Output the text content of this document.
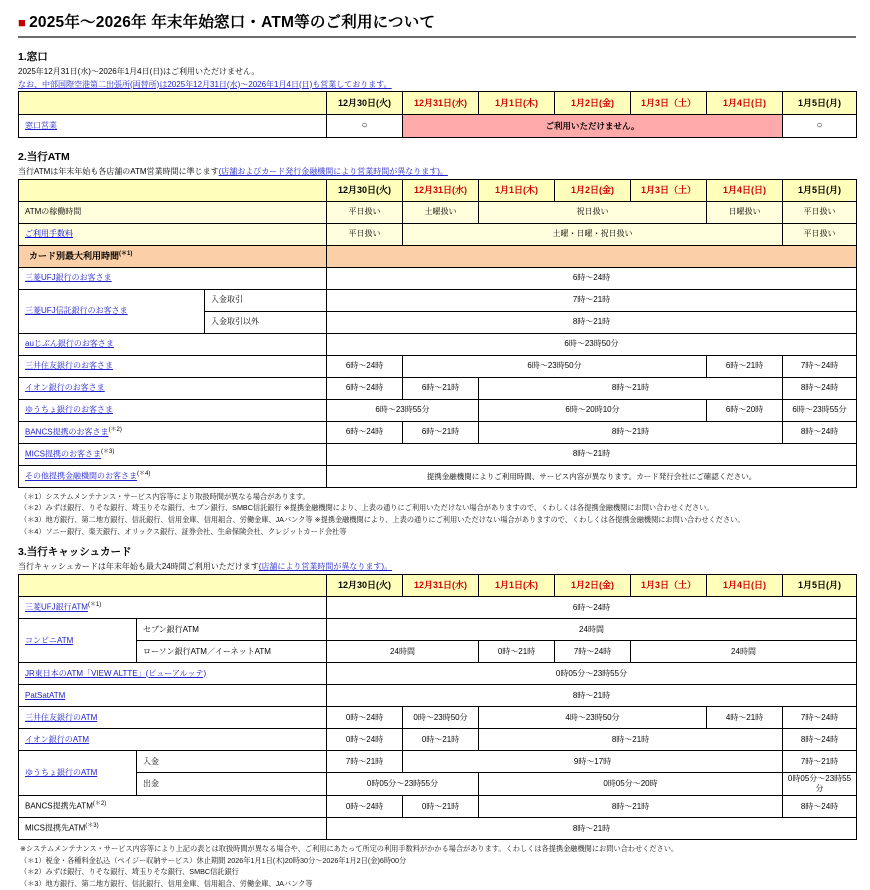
■ 2025年～2026年 年末年始窓口・ATM等のご利用について
1.窓口
2025年12月31日(水)～2026年1月4日(日)はご利用いただけません。
なお、中部国際空港第二出張所(両替所)は2025年12月31日(水)～2026年1月4日(日)も営業しております。
	12月30日(火)	12月31日(水)	1月1日(木)	1月2日(金)	1月3日（土）	1月4日(日)	1月5日(月)
窓口営業	○	ご利用いただけません。					○
2.当行ATM
当行ATMは年末年始も各店舗のATM営業時間に準じます(店舗およびカード発行金融機関により営業時間が異なります)。
		12月30日(火)	12月31日(水)	1月1日(木)	1月2日(金)	1月3日（土）	1月4日(日)	1月5日(月)
ATMの稼働時間		平日扱い	土曜扱い	祝日扱い			日曜扱い	平日扱い
ご利用手数料		平日扱い	土曜・日曜・祝日扱い					平日扱い
カード別最大利用時間$^{(*1)}$	
三菱UFJ銀行のお客さま		6時～24時						
三菱UFJ信託銀行のお客さま	入金取引	7時～21時						
	入金取引以外	8時～21時						
auじぶん銀行のお客さま		6時～23時50分						
三井住友銀行のお客さま		6時～24時	6時～23時50分				6時～21時	7時～24時
イオン銀行のお客さま		6時～24時	6時～21時	8時～21時				8時～24時
ゆうちょ銀行のお客さま		6時～23時55分		6時～20時10分			6時～20時	6時～23時55分
BANCS提携のお客さま$^{(*2)}$		6時～24時	6時～21時	8時～21時				8時～24時
MICS提携のお客さま$^{(*3)}$		8時～21時						
その他提携金融機関のお客さま$^{(*4)}$		提携金融機関によりご利用時間、サービス内容が異なります。カード発行会社にご確認ください。						
（＊1）システムメンテナンス・サービス内容等により取扱時間が異なる場合があります。
（＊2）みずほ銀行、りそな銀行、埼玉りそな銀行、セブン銀行、SMBC信託銀行 ※提携金融機関により、上表の通りにご利用いただけない場合がありますので、くわしくは各提携金融機関にお問い合わせください。
（＊3）地方銀行、第二地方銀行、信託銀行、信用金庫、信用組合、労働金庫、JAバンク等 ※提携金融機関により、上表の通りにご利用いただけない場合がありますので、くわしくは各提携金融機関にお問い合わせください。
（＊4）ソニー銀行、楽天銀行、オリックス銀行、証券会社、生命保険会社、クレジットカード会社等
3.当行キャッシュカード
当行キャッシュカードは年末年始も最大24時間ご利用いただけます(店舗により営業時間が異なります)。
		12月30日(火)	12月31日(水)	1月1日(木)	1月2日(金)	1月3日（土）	1月4日(日)	1月5日(月)
三菱UFJ銀行$ATM^{(*1)}$		6時～24時						
コンビニATM	セブン銀行ATM	24時間						
	ローソン銀行ATM／イーネットATM	24時間		0時～21時	7時～24時	24時間		
JR東日本のATM「VIEW ALTTE」(ビューアルッテ)		0時05分～23時55分						
PatSatATM		8時～21時						
三井住友銀行のATM		0時～24時	0時～23時50分	4時～23時50分			4時～21時	7時～24時
イオン銀行のATM		0時～24時	0時～21時	8時～21時				8時～24時
ゆうちょ銀行のATM	入金	7時～21時	9時～17時					7時～21時
	出金	0時05分～23時55分		0時05分～20時				0時05分～23時55分
BANCS提携先$ATM^{(*2)}$		0時～24時	0時～21時	8時～21時				8時～24時
MICS提携先$ATM^{(*3)}$		8時～21時						
※システムメンテナンス・サービス内容等により上記の表とは取扱時間が異なる場合や、ご利用にあたって所定の利用手数料がかかる場合があります。くわしくは各提携金融機関にお問い合わせください。
（＊1）税金・各種料金払込（ペイジー収納サービス）休止期間 2026年1月1日(木)20時30分～2026年1月2日(金)6時00分
（＊2）みずほ銀行、りそな銀行、埼玉りそな銀行、SMBC信託銀行
（＊3）地方銀行、第二地方銀行、信託銀行、信用金庫、信用組合、労働金庫、JAバンク等
